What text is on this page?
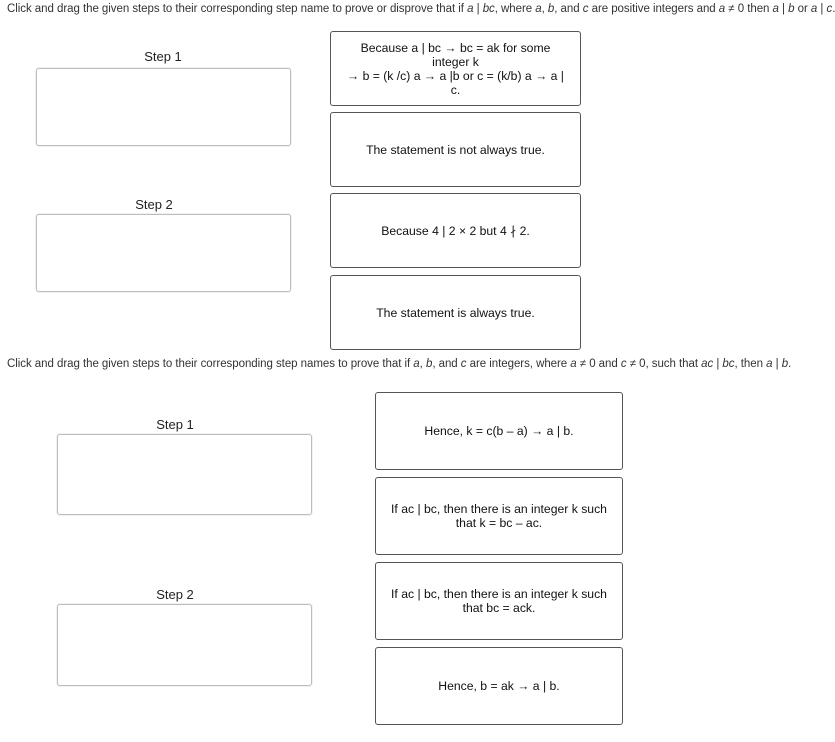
Click and drag the given steps to their corresponding step name to prove or disprove that if a | bc, where a, b, and c are positive integers and a ≠ 0 then a | b or a | c
Step 1
Step 2
Because a | bc → bc = ak for some integer k
→ b = (k /c) a → a |b or c = (k/b) a → a | c.
The statement is not always true.
Because 4 | 2 × 2 but 4 ∤ 2.
The statement is always true.
Click and drag the given steps to their corresponding step names to prove that if a, b, and c are integers, where a ≠ 0 and c ≠ 0, such that ac | bc, then a | b.
Step 1
Step 2
Hence, k = c(b – a) → a | b.
If ac | bc, then there is an integer k such
that k = bc – ac.
If ac | bc, then there is an integer k such
that bc = ack.
Hence, b = ak → a | b.
